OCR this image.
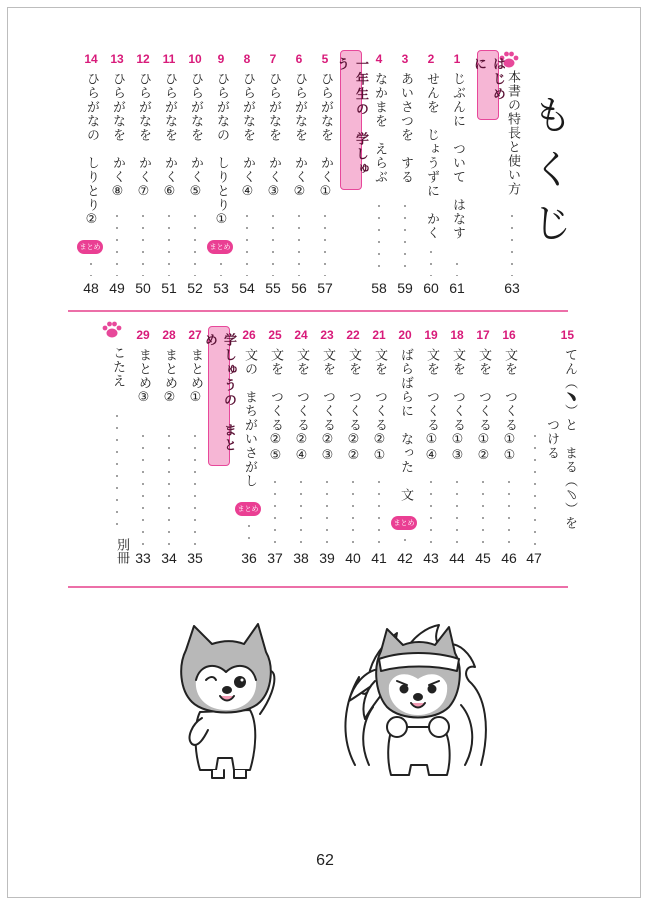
もくじ
はじめに
一年生の　学しゅう
本書の特長と使い方
63
1
じぶんに　ついて　はなす
61
2
せんを　じょうずに　かく
60
3
あいさつを　する
59
4
なかまを　えらぶ
58
5
ひらがなを　かく①
57
6
ひらがなを　かく②
56
7
ひらがなを　かく③
55
8
ひらがなを　かく④
54
9
ひらがなの　しりとり①
まとめ
53
10
ひらがなを　かく⑤
52
11
ひらがなを　かく⑥
51
12
ひらがなを　かく⑦
50
13
ひらがなを　かく⑧
49
14
ひらがなの　しりとり②
まとめ
48
学しゅうの　まとめ	15
てん（﹅）と　まる（﹆）を
つける
47
16
文を　つくる①①
46
17
文を　つくる①②
45
18
文を　つくる①③
44
19
文を　つくる①④
43
20
ばらばらに　なった　文
まとめ
42
21
文を　つくる②①
41
22
文を　つくる②②
40
23
文を　つくる②③
39
24
文を　つくる②④
38
25
文を　つくる②⑤
37
26
文の　まちがいさがし
まとめ
36
27
まとめ①
35
28
まとめ②
34
29
まとめ③
33
こたえ
別冊
62
